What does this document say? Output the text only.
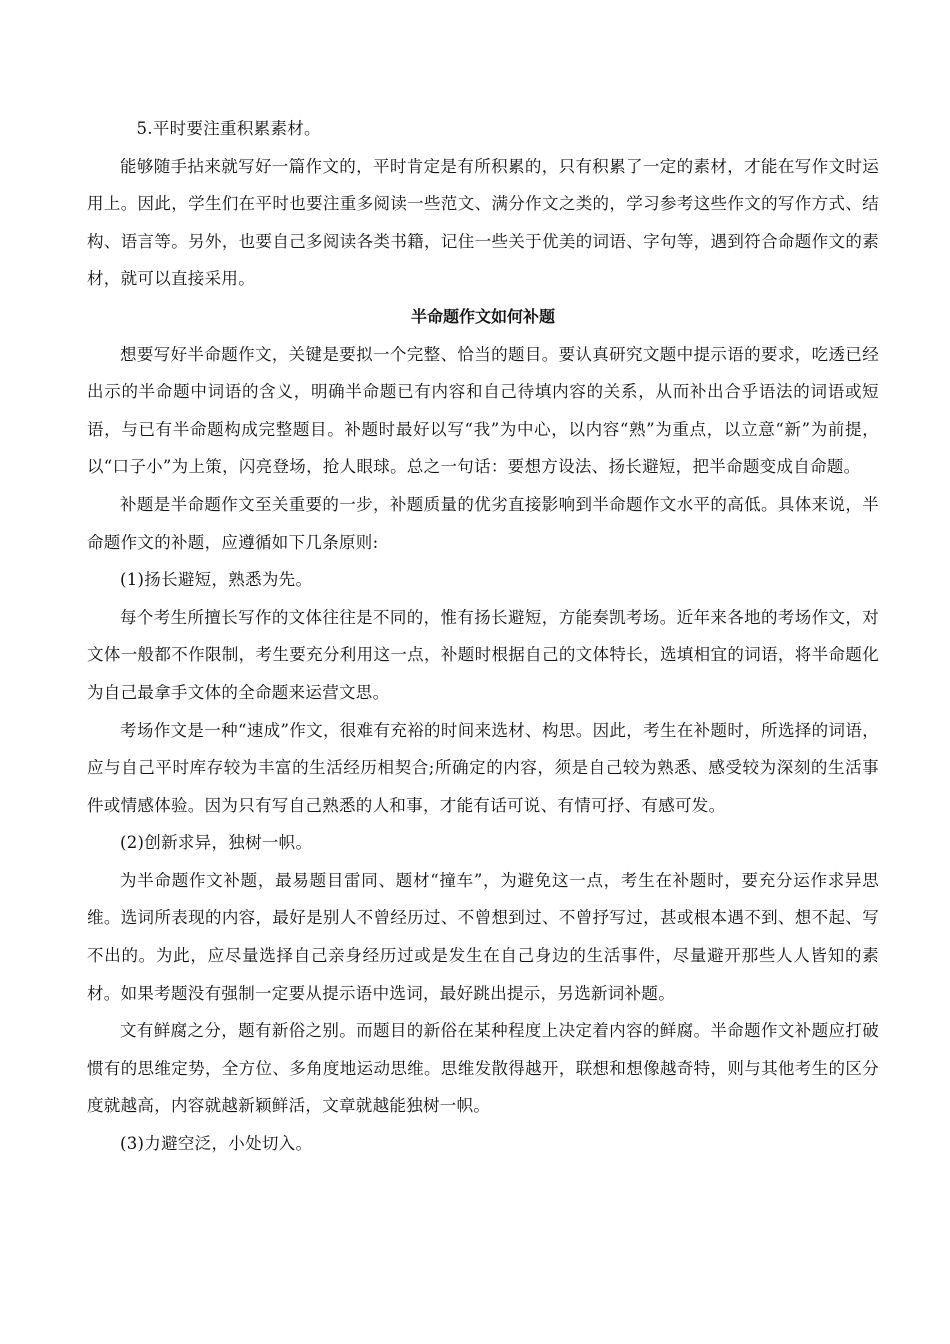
5.平时要注重积累素材。

能够随手拈来就写好一篇作文的，平时肯定是有所积累的，只有积累了一定的素材，才能在写作文时运用上。因此，学生们在平时也要注重多阅读一些范文、满分作文之类的，学习参考这些作文的写作方式、结构、语言等。另外，也要自己多阅读各类书籍，记住一些关于优美的词语、字句等，遇到符合命题作文的素材，就可以直接采用。

半命题作文如何补题

想要写好半命题作文，关键是要拟一个完整、恰当的题目。要认真研究文题中提示语的要求，吃透已经出示的半命题中词语的含义，明确半命题已有内容和自己待填内容的关系，从而补出合乎语法的词语或短语，与已有半命题构成完整题目。补题时最好以写“我”为中心，以内容“熟”为重点，以立意“新”为前提，以“口子小”为上策，闪亮登场，抢人眼球。总之一句话：要想方设法、扬长避短，把半命题变成自命题。

补题是半命题作文至关重要的一步，补题质量的优劣直接影响到半命题作文水平的高低。具体来说，半命题作文的补题，应遵循如下几条原则:

(1)扬长避短，熟悉为先。

每个考生所擅长写作的文体往往是不同的，惟有扬长避短，方能奏凯考场。近年来各地的考场作文，对文体一般都不作限制，考生要充分利用这一点，补题时根据自己的文体特长，选填相宜的词语，将半命题化为自己最拿手文体的全命题来运营文思。

考场作文是一种“速成”作文，很难有充裕的时间来选材、构思。因此，考生在补题时，所选择的词语，应与自己平时库存较为丰富的生活经历相契合;所确定的内容，须是自己较为熟悉、感受较为深刻的生活事件或情感体验。因为只有写自己熟悉的人和事，才能有话可说、有情可抒、有感可发。

(2)创新求异，独树一帜。

为半命题作文补题，最易题目雷同、题材“撞车”，为避免这一点，考生在补题时，要充分运作求异思维。选词所表现的内容，最好是别人不曾经历过、不曾想到过、不曾抒写过，甚或根本遇不到、想不起、写不出的。为此，应尽量选择自己亲身经历过或是发生在自己身边的生活事件，尽量避开那些人人皆知的素材。如果考题没有强制一定要从提示语中选词，最好跳出提示，另选新词补题。

文有鲜腐之分，题有新俗之别。而题目的新俗在某种程度上决定着内容的鲜腐。半命题作文补题应打破惯有的思维定势，全方位、多角度地运动思维。思维发散得越开，联想和想像越奇特，则与其他考生的区分度就越高，内容就越新颖鲜活，文章就越能独树一帜。

(3)力避空泛，小处切入。
